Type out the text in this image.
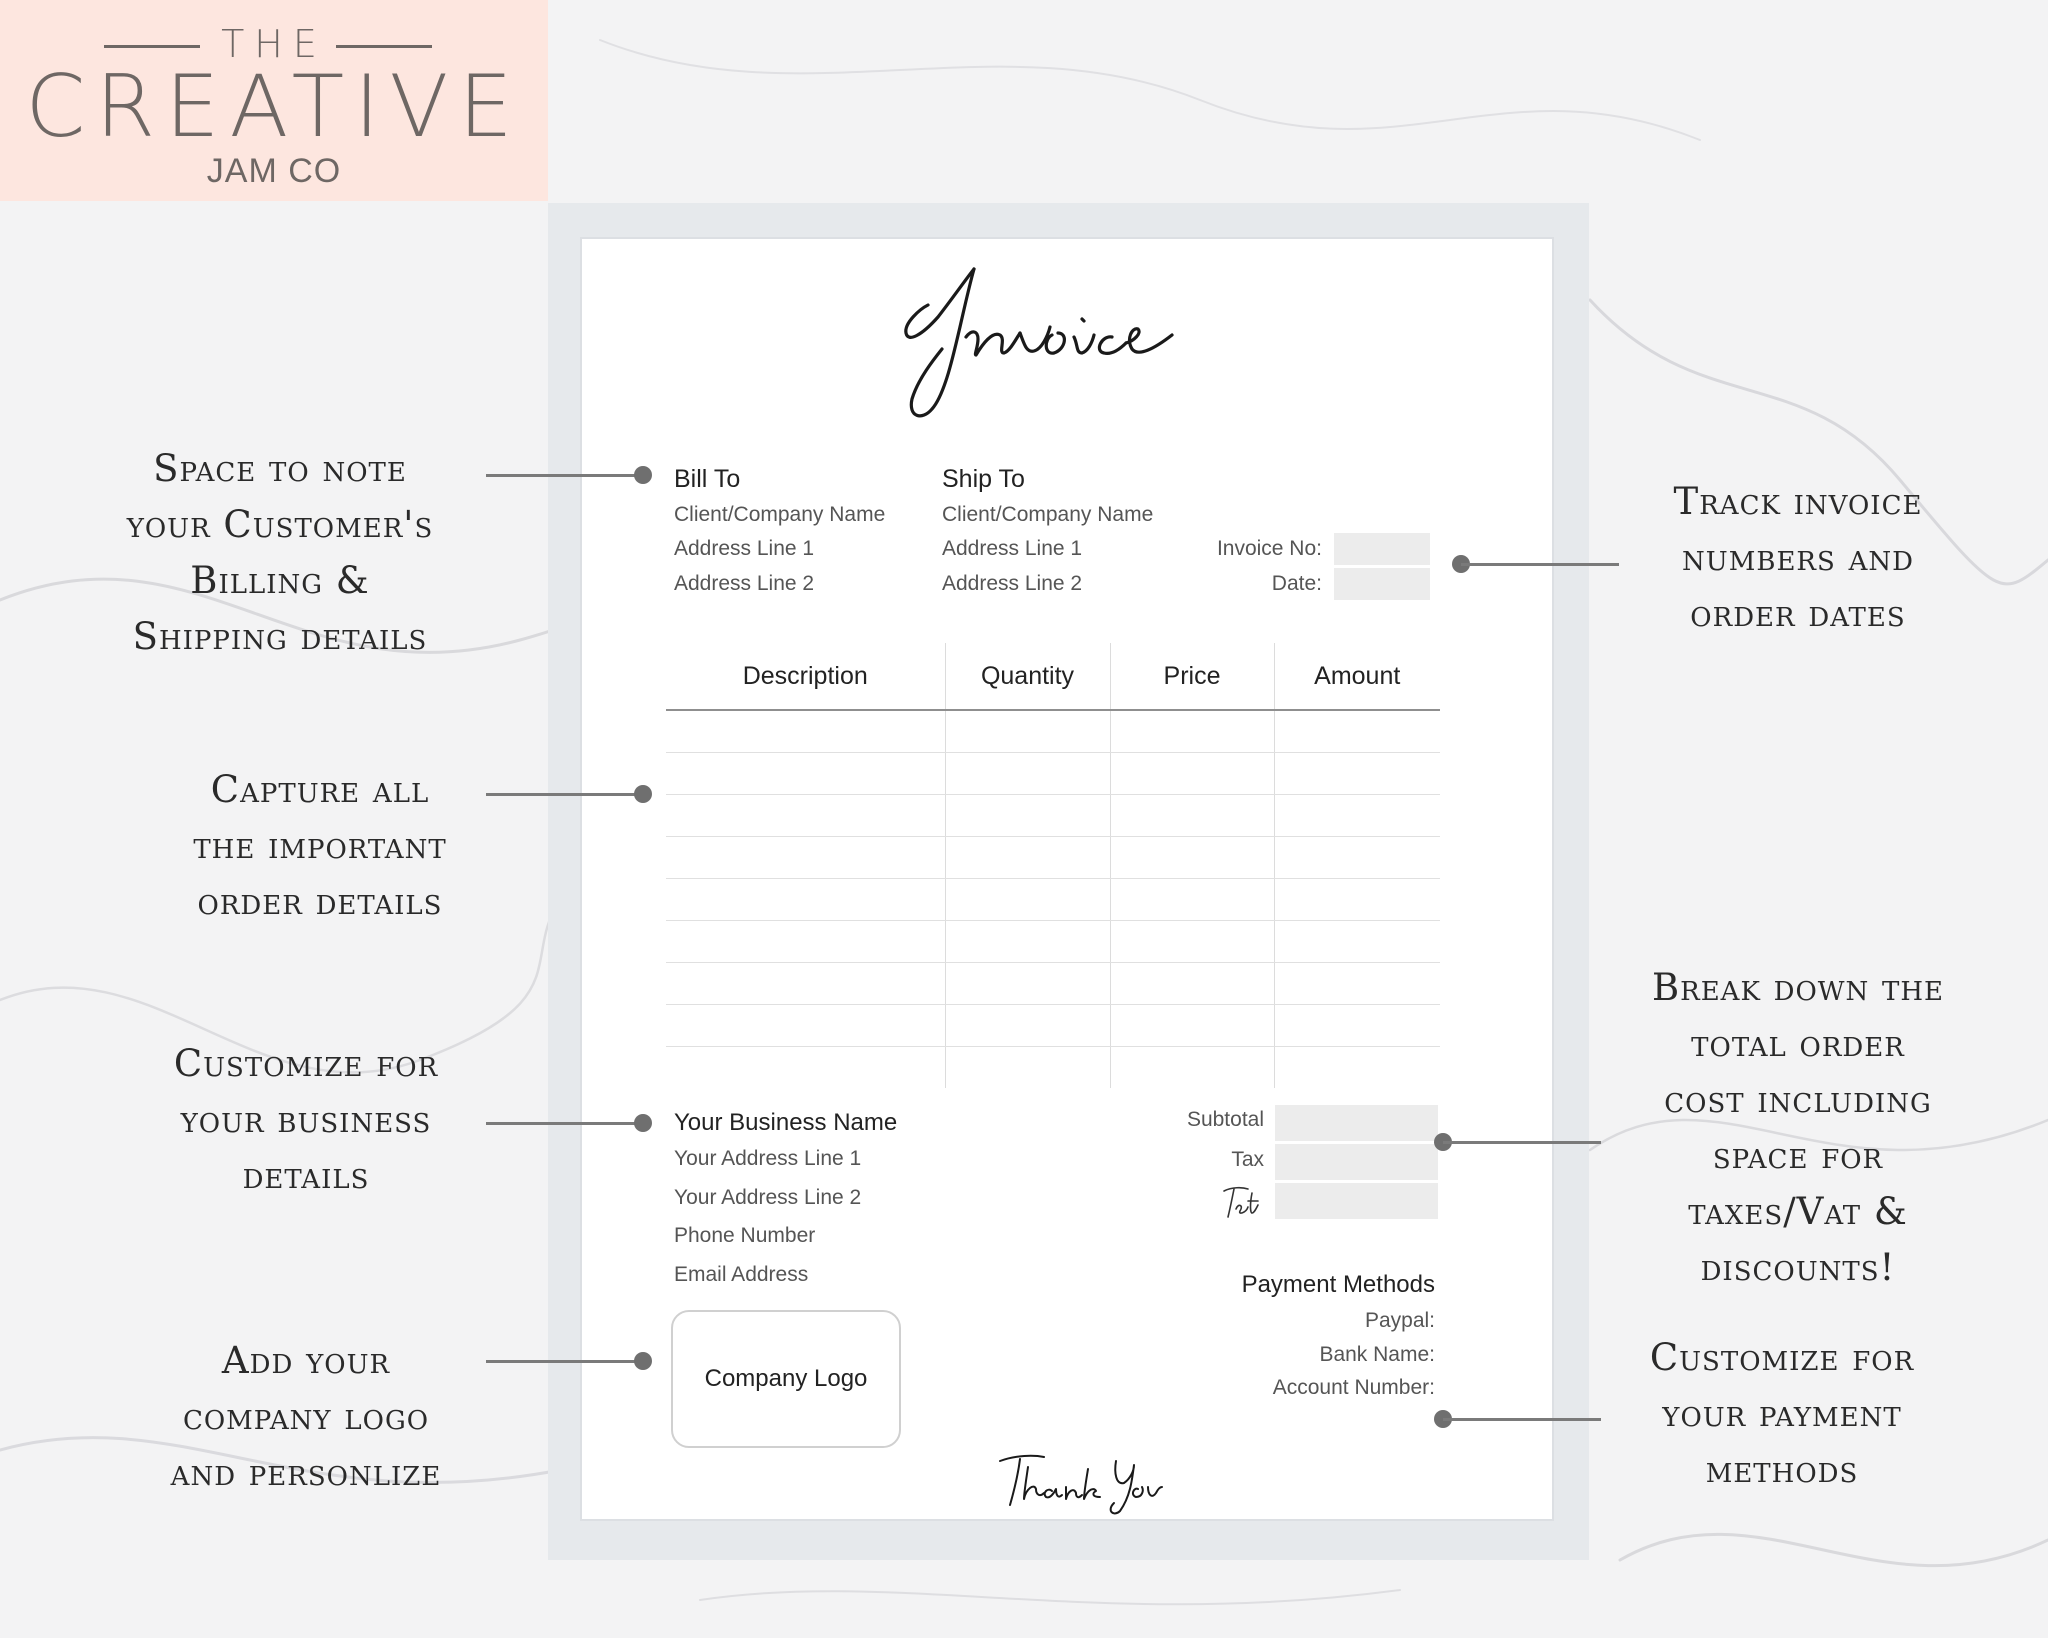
THE
CREATIVE
JAM CO
Bill To
Client/Company Name
Address Line 1
Address Line 2
Ship To
Client/Company Name
Address Line 1
Address Line 2
Invoice No:
Date:
Description	Quantity	Price	Amount

Your Business Name
Your Address Line 1
Your Address Line 2
Phone Number
Email Address
Subtotal
Tax
Payment Methods
Paypal:
Bank Name:
Account Number:
Company Logo
Space to note
your Customer's
Billing &
Shipping details
Capture all
the important
order details
Customize for
your business
details
Add your
company logo
and personlize
Track invoice
numbers and
order dates
Break down the
total order
cost including
space for
taxes/Vat &
discounts!
Customize for
your payment
methods
